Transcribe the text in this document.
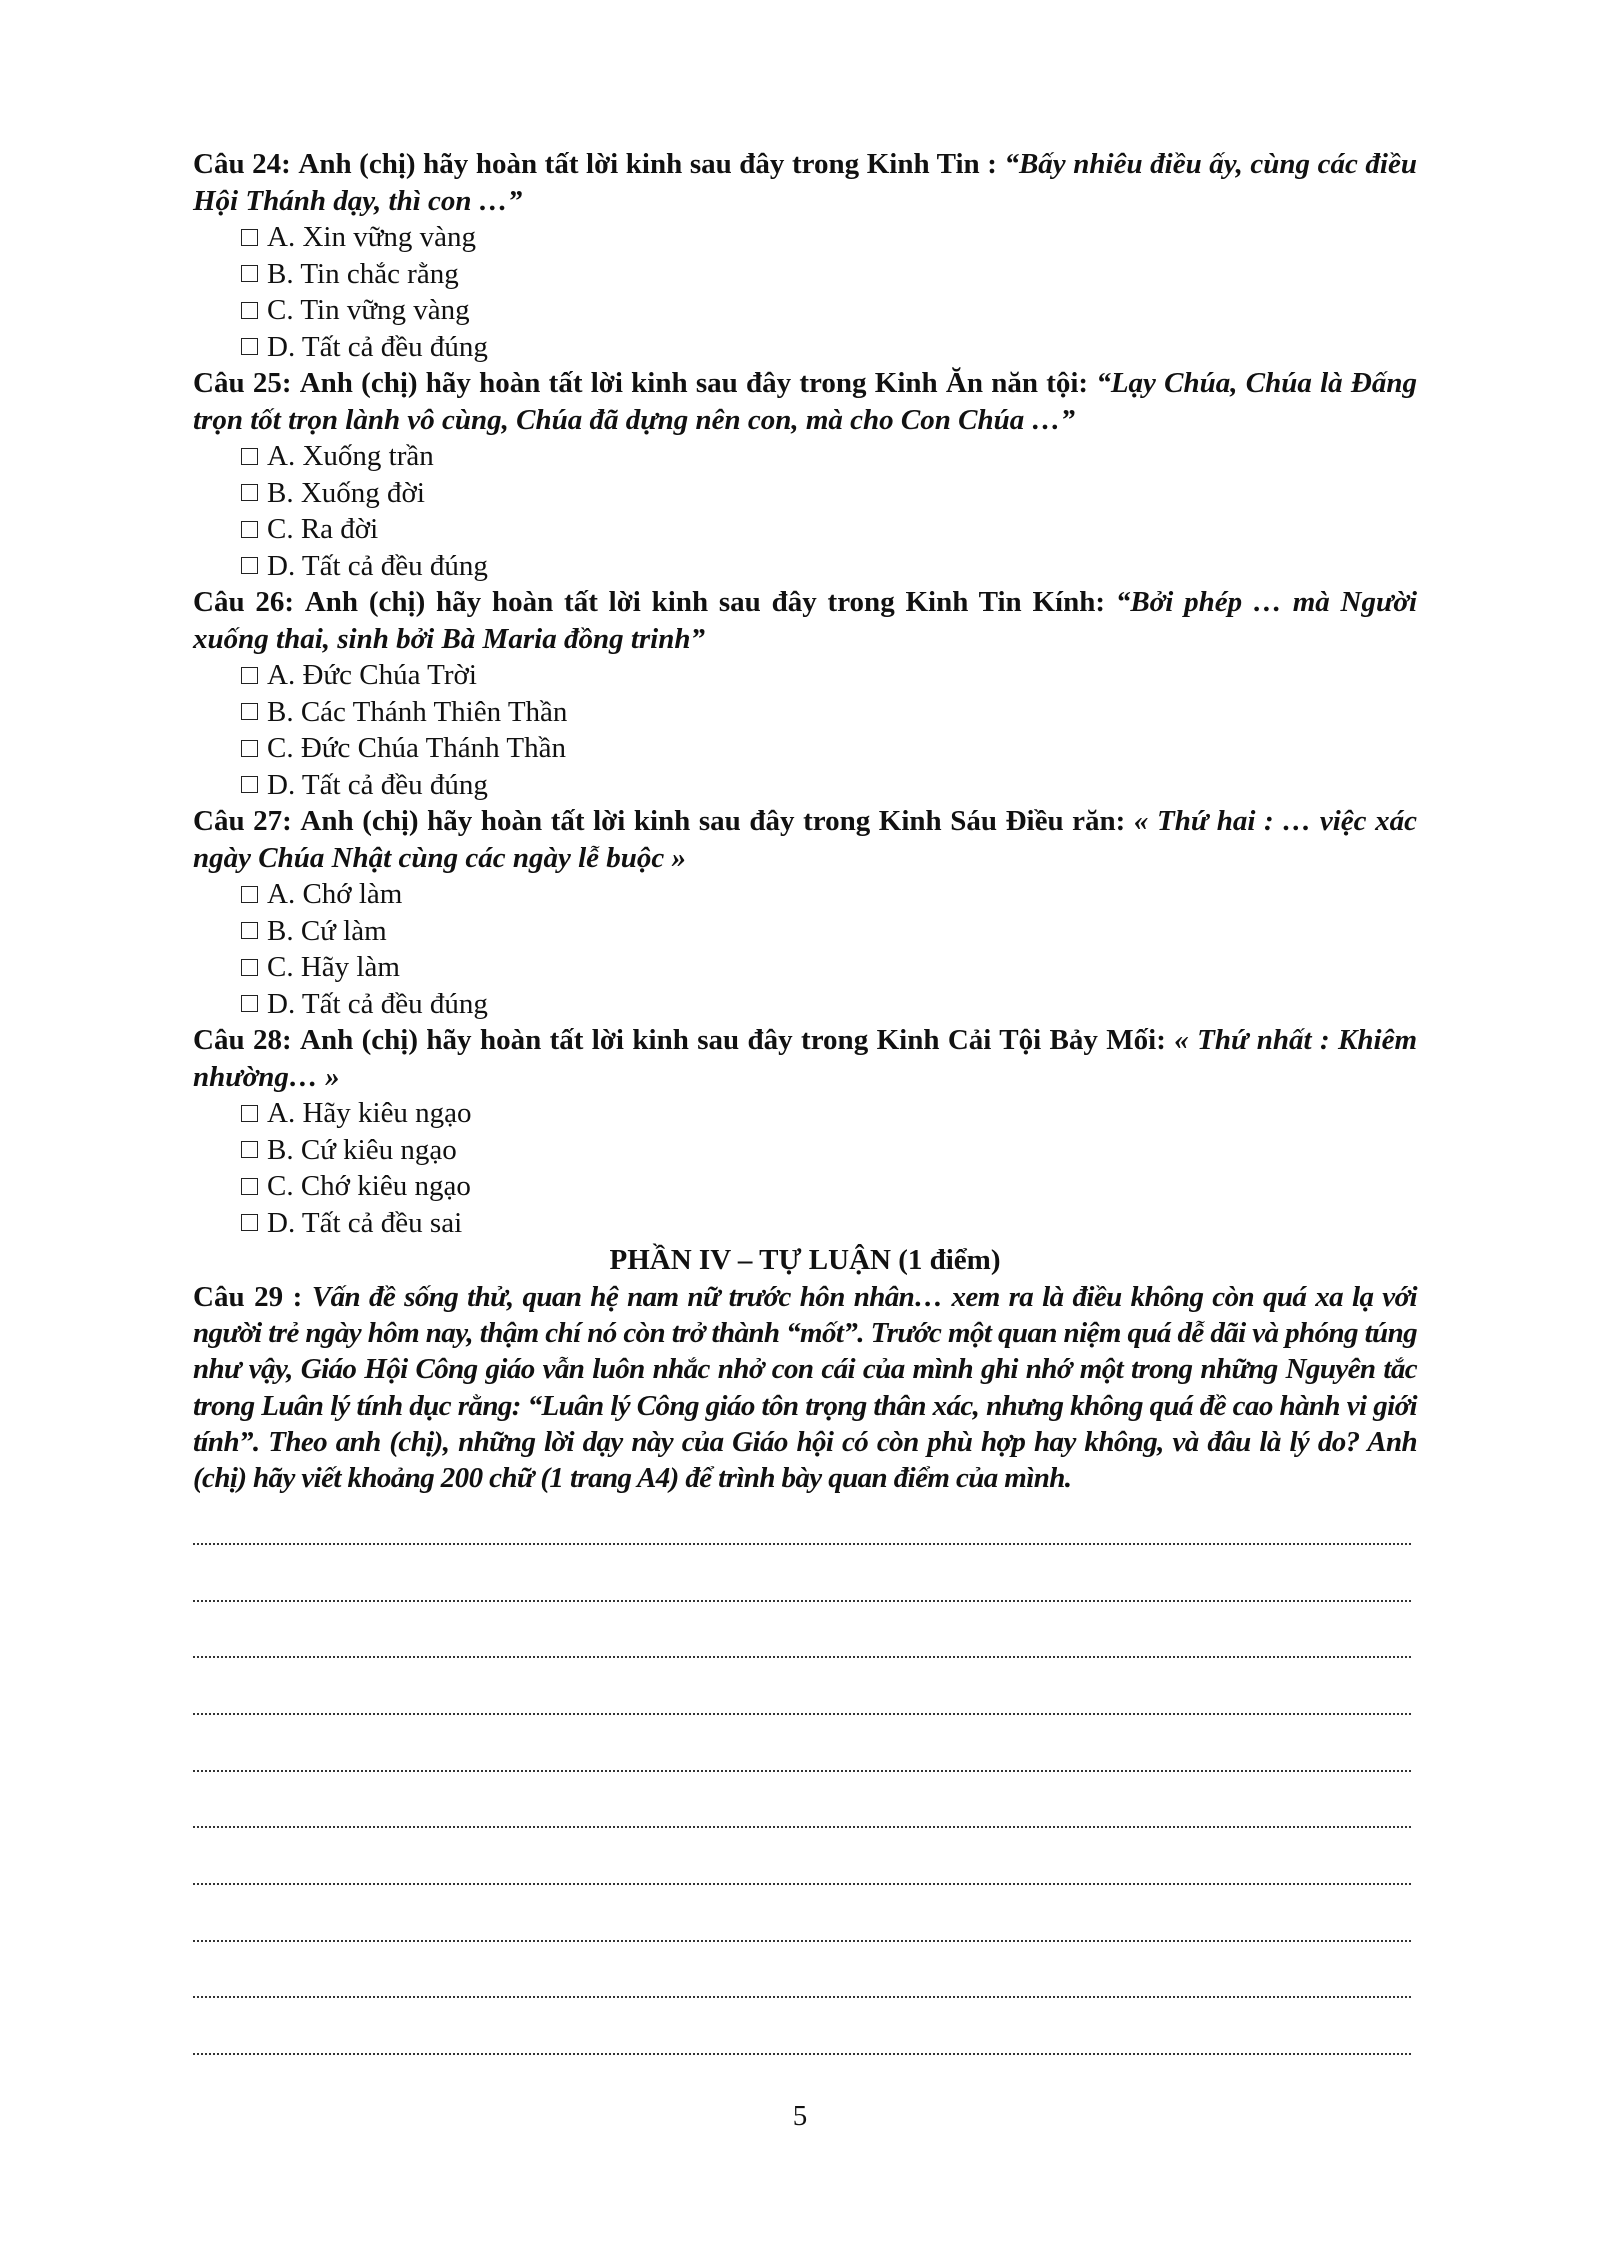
Câu 24: Anh (chị) hãy hoàn tất lời kinh sau đây trong Kinh Tin : “Bấy nhiêu điều ấy, cùng các điều Hội Thánh dạy, thì con …”

A. Xin vững vàng
B. Tin chắc rằng
C. Tin vững vàng
D. Tất cả đều đúng

Câu 25: Anh (chị) hãy hoàn tất lời kinh sau đây trong Kinh Ăn năn tội: “Lạy Chúa, Chúa là Đấng trọn tốt trọn lành vô cùng, Chúa đã dựng nên con, mà cho Con Chúa …”

A. Xuống trần
B. Xuống đời
C. Ra đời
D. Tất cả đều đúng

Câu 26: Anh (chị) hãy hoàn tất lời kinh sau đây trong Kinh Tin Kính: “Bởi phép … mà Người xuống thai, sinh bởi Bà Maria đồng trinh”

A. Đức Chúa Trời
B. Các Thánh Thiên Thần
C. Đức Chúa Thánh Thần
D. Tất cả đều đúng

Câu 27: Anh (chị) hãy hoàn tất lời kinh sau đây trong Kinh Sáu Điều răn: « Thứ hai : … việc xác ngày Chúa Nhật cùng các ngày lễ buộc »

A. Chớ làm
B. Cứ làm
C. Hãy làm
D. Tất cả đều đúng

Câu 28: Anh (chị) hãy hoàn tất lời kinh sau đây trong Kinh Cải Tội Bảy Mối: « Thứ nhất : Khiêm nhường… »

A. Hãy kiêu ngạo
B. Cứ kiêu ngạo
C. Chớ kiêu ngạo
D. Tất cả đều sai

PHẦN IV – TỰ LUẬN (1 điểm)

Câu 29 : Vấn đề sống thử, quan hệ nam nữ trước hôn nhân… xem ra là điều không còn quá xa lạ với người trẻ ngày hôm nay, thậm chí nó còn trở thành “mốt”. Trước một quan niệm quá dễ dãi và phóng túng như vậy, Giáo Hội Công giáo vẫn luôn nhắc nhở con cái của mình ghi nhớ một trong những Nguyên tắc trong Luân lý tính dục rằng: “Luân lý Công giáo tôn trọng thân xác, nhưng không quá đề cao hành vi giới tính”. Theo anh (chị), những lời dạy này của Giáo hội có còn phù hợp hay không, và đâu là lý do? Anh (chị) hãy viết khoảng 200 chữ (1 trang A4) để trình bày quan điểm của mình.

5
